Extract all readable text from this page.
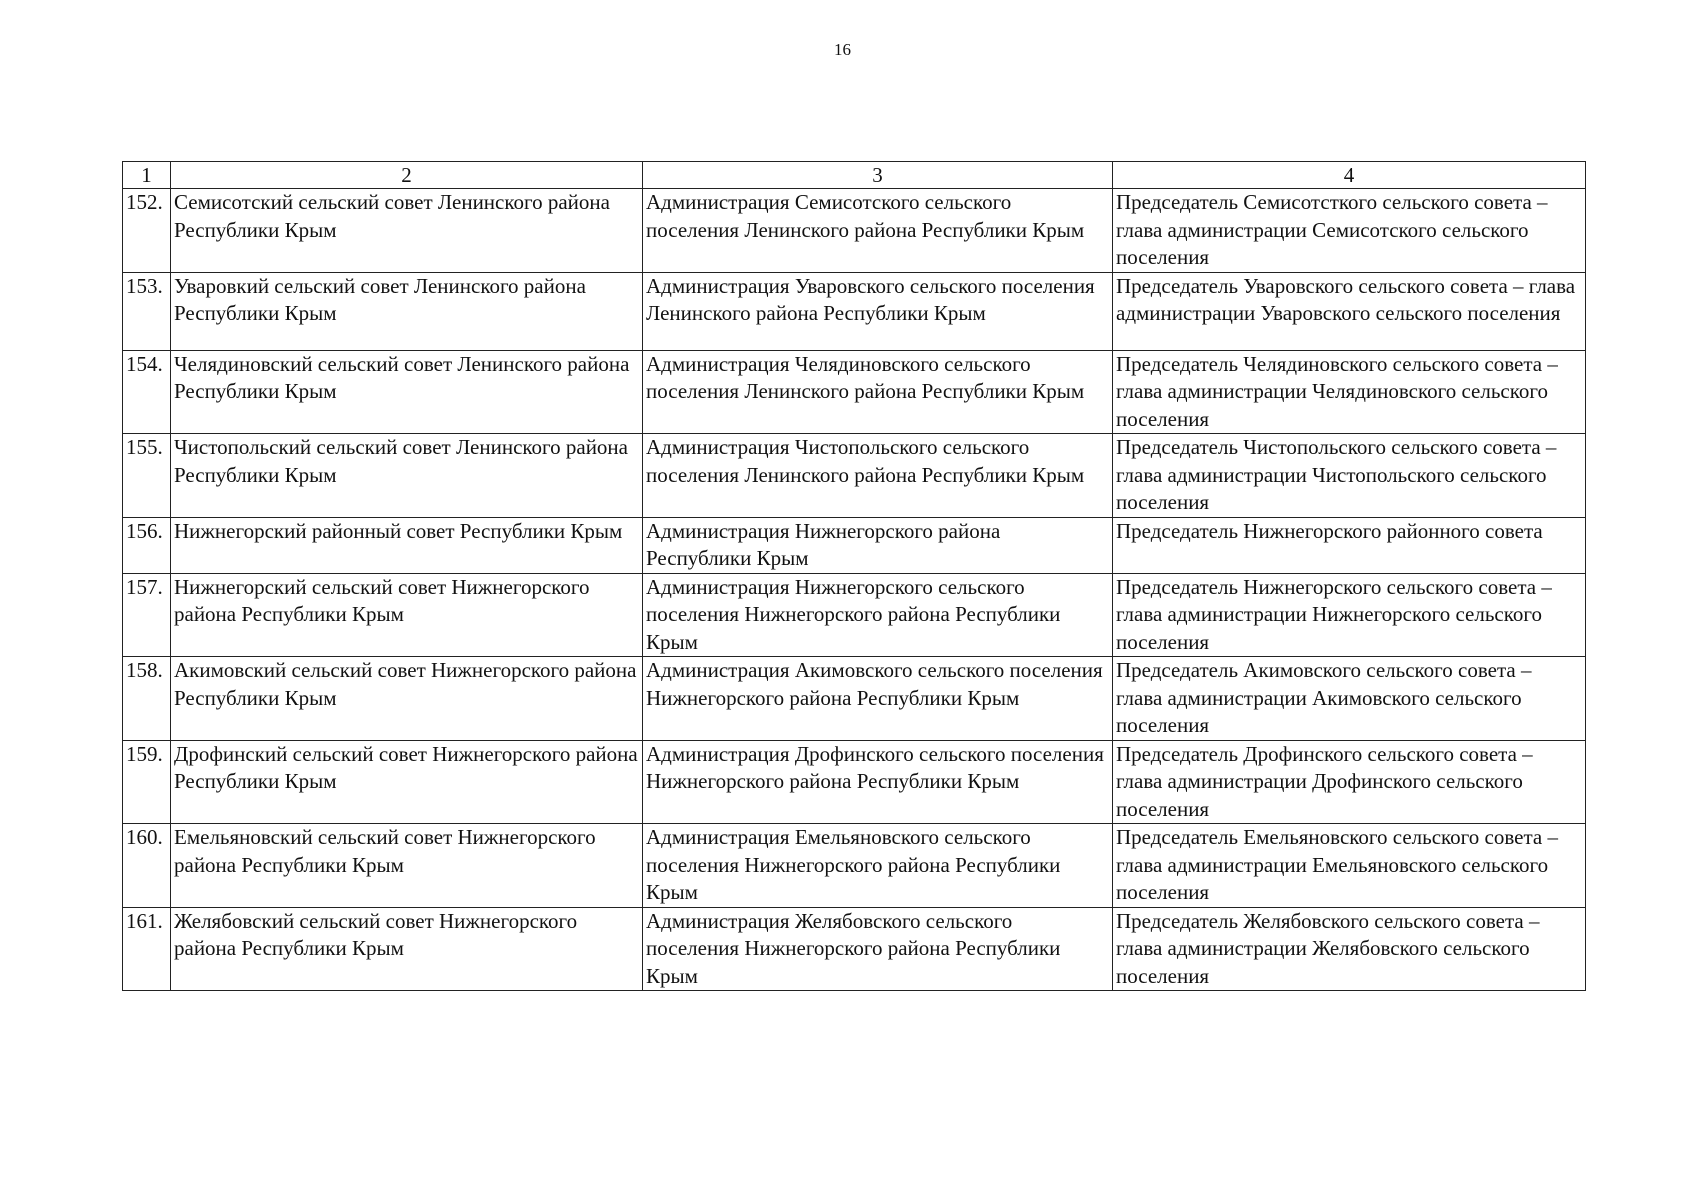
16
1	2	3	4
152.	Семисотский сельский совет Ленинского района Республики Крым	Администрация Семисотского сельского поселения Ленинского района Республики Крым	Председатель Семисотсткого сельского совета – глава администрации Семисотского сельского поселения
153.	Уваровкий сельский совет Ленинского района Республики Крым	Администрация Уваровского сельского поселения Ленинского района Республики Крым	Председатель Уваровского сельского совета – глава администрации Уваровского сельского поселения
154.	Челядиновский сельский совет Ленинского района Республики Крым	Администрация Челядиновского сельского поселения Ленинского района Республики Крым	Председатель Челядиновского сельского совета – глава администрации Челядиновского сельского поселения
155.	Чистопольский сельский совет Ленинского района Республики Крым	Администрация Чистопольского сельского поселения Ленинского района Республики Крым	Председатель Чистопольского сельского совета – глава администрации Чистопольского сельского поселения
156.	Нижнегорский районный совет Республики Крым	Администрация Нижнегорского района Республики Крым	Председатель Нижнегорского районного совета
157.	Нижнегорский сельский совет Нижнегорского района Республики Крым	Администрация Нижнегорского сельского поселения Нижнегорского района Республики Крым	Председатель Нижнегорского сельского совета – глава администрации Нижнегорского сельского поселения
158.	Акимовский сельский совет Нижнегорского района Республики Крым	Администрация Акимовского сельского поселения Нижнегорского района Республики Крым	Председатель Акимовского сельского совета – глава администрации Акимовского сельского поселения
159.	Дрофинский сельский совет Нижнегорского района Республики Крым	Администрация Дрофинского сельского поселения Нижнегорского района Республики Крым	Председатель Дрофинского сельского совета – глава администрации Дрофинского сельского поселения
160.	Емельяновский сельский совет Нижнегорского района Республики Крым	Администрация Емельяновского сельского поселения Нижнегорского района Республики Крым	Председатель Емельяновского сельского совета – глава администрации Емельяновского сельского поселения
161.	Желябовский сельский совет Нижнегорского района Республики Крым	Администрация Желябовского сельского поселения Нижнегорского района Республики Крым	Председатель Желябовского сельского совета – глава администрации Желябовского сельского поселения
